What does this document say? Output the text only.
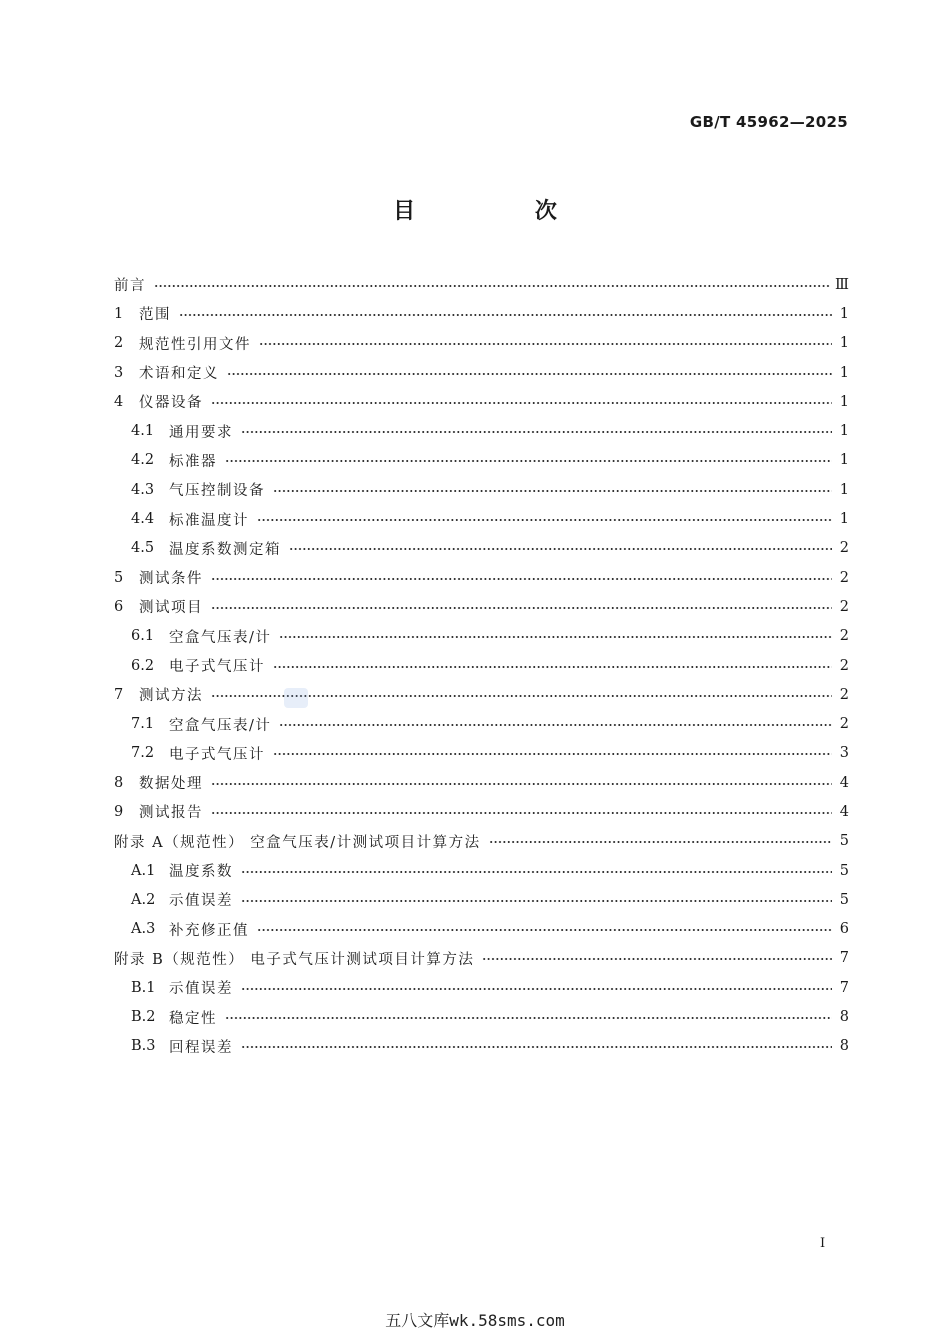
GB/T 45962—2025
目 次
前言	Ⅲ
1	范围	1
2	规范性引用文件	1
3	术语和定义	1
4	仪器设备	1
4.1	通用要求	1
4.2	标准器	1
4.3	气压控制设备	1
4.4	标准温度计	1
4.5	温度系数测定箱	2
5	测试条件	2
6	测试项目	2
6.1	空盒气压表/计	2
6.2	电子式气压计	2
7	测试方法	2
7.1	空盒气压表/计	2
7.2	电子式气压计	3
8	数据处理	4
9	测试报告	4
附录 A（规范性） 空盒气压表/计测试项目计算方法	5
A.1 温度系数	5
A.2 示值误差	5
A.3 补充修正值	6
附录 B（规范性） 电子式气压计测试项目计算方法	7
B.1 示值误差	7
B.2 稳定性	8
B.3 回程误差	8
I
五八文库wk.58sms.com
